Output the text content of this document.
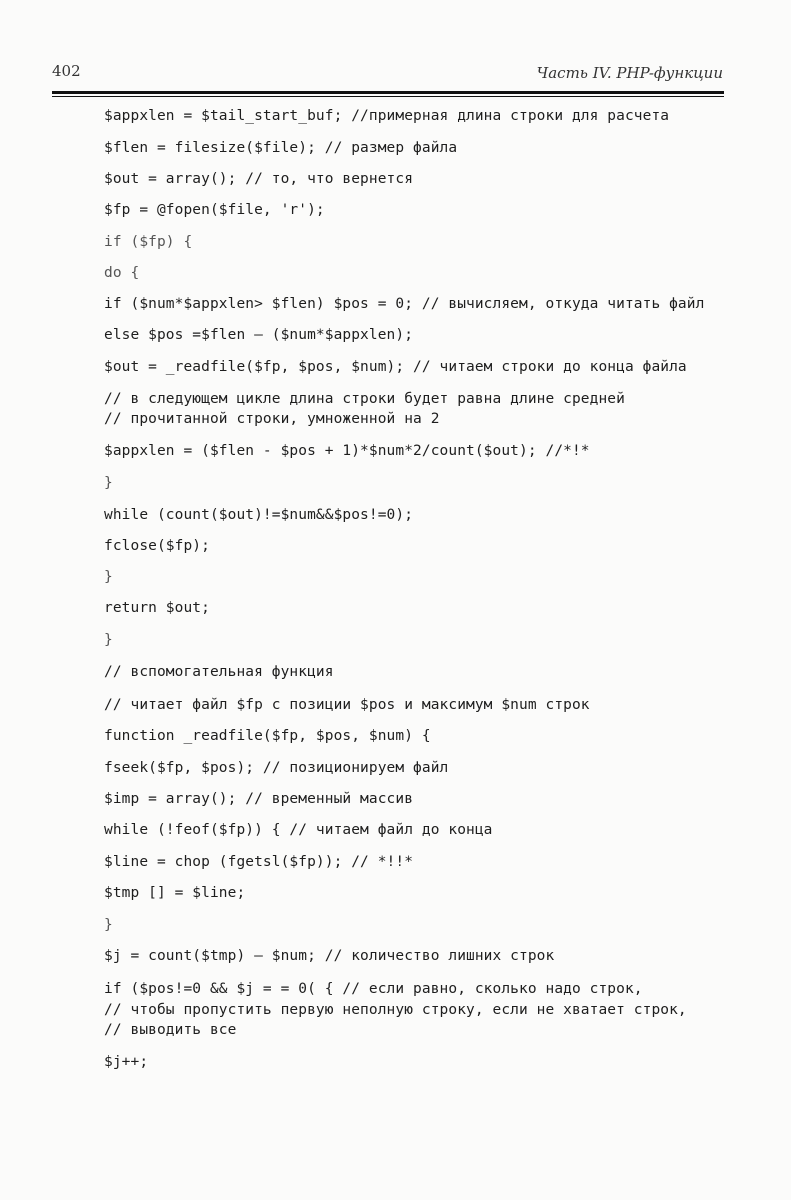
402	Часть IV. PHP-функции
$appxlen = $tail_start_buf; //примерная длина строки для расчета
$flen = filesize($file); // размер файла
$out = array(); // то, что вернется
$fp = @fopen($file, 'r');
if ($fp) {
do {
if ($num*$appxlen> $flen) $pos = 0; // вычисляем, откуда читать файл
else $pos =$flen — ($num*$appxlen);
$out = _readfile($fp, $pos, $num); // читаем строки до конца файла
// в следующем цикле длина строки будет равна длине средней
// прочитанной строки, умноженной на 2
$appxlen = ($flen - $pos + 1)*$num*2/count($out); //*!*
}
while (count($out)!=$num&&$pos!=0);
fclose($fp);
}
return $out;
}
// вспомогательная функция
// читает файл $fp с позиции $pos и максимум $num строк
function _readfile($fp, $pos, $num) {
fseek($fp, $pos); // позиционируем файл
$imp = array(); // временный массив
while (!feof($fp)) { // читаем файл до конца
$line = chop (fgetsl($fp)); // *!!*
$tmp [] = $line;
}
$j = count($tmp) — $num; // количество лишних строк
if ($pos!=0 && $j = = 0( { // если равно, сколько надо строк,
// чтобы пропустить первую неполную строку, если не хватает строк,
// выводить все
$j++;
